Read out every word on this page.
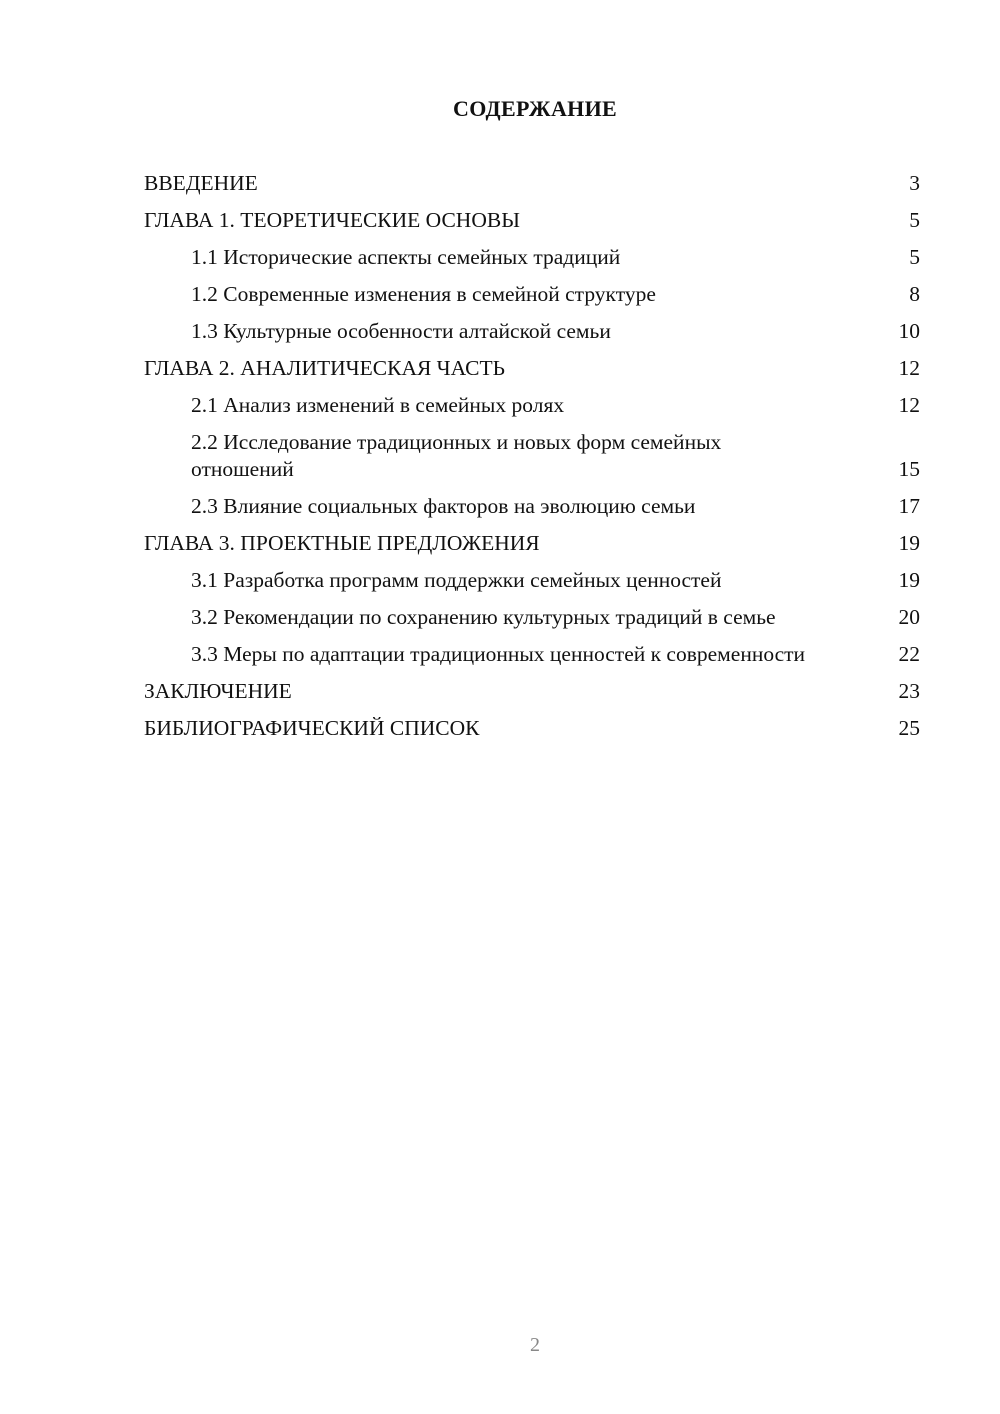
СОДЕРЖАНИЕ
ВВЕДЕНИЕ	3
ГЛАВА 1. ТЕОРЕТИЧЕСКИЕ ОСНОВЫ	5
1.1 Исторические аспекты семейных традиций	5
1.2 Современные изменения в семейной структуре	8
1.3 Культурные особенности алтайской семьи	10
ГЛАВА 2. АНАЛИТИЧЕСКАЯ ЧАСТЬ	12
2.1 Анализ изменений в семейных ролях	12
2.2 Исследование традиционных и новых форм семейных отношений	15
2.3 Влияние социальных факторов на эволюцию семьи	17
ГЛАВА 3. ПРОЕКТНЫЕ ПРЕДЛОЖЕНИЯ	19
3.1 Разработка программ поддержки семейных ценностей	19
3.2 Рекомендации по сохранению культурных традиций в семье	20
3.3 Меры по адаптации традиционных ценностей к современности	22
ЗАКЛЮЧЕНИЕ	23
БИБЛИОГРАФИЧЕСКИЙ СПИСОК	25
2
